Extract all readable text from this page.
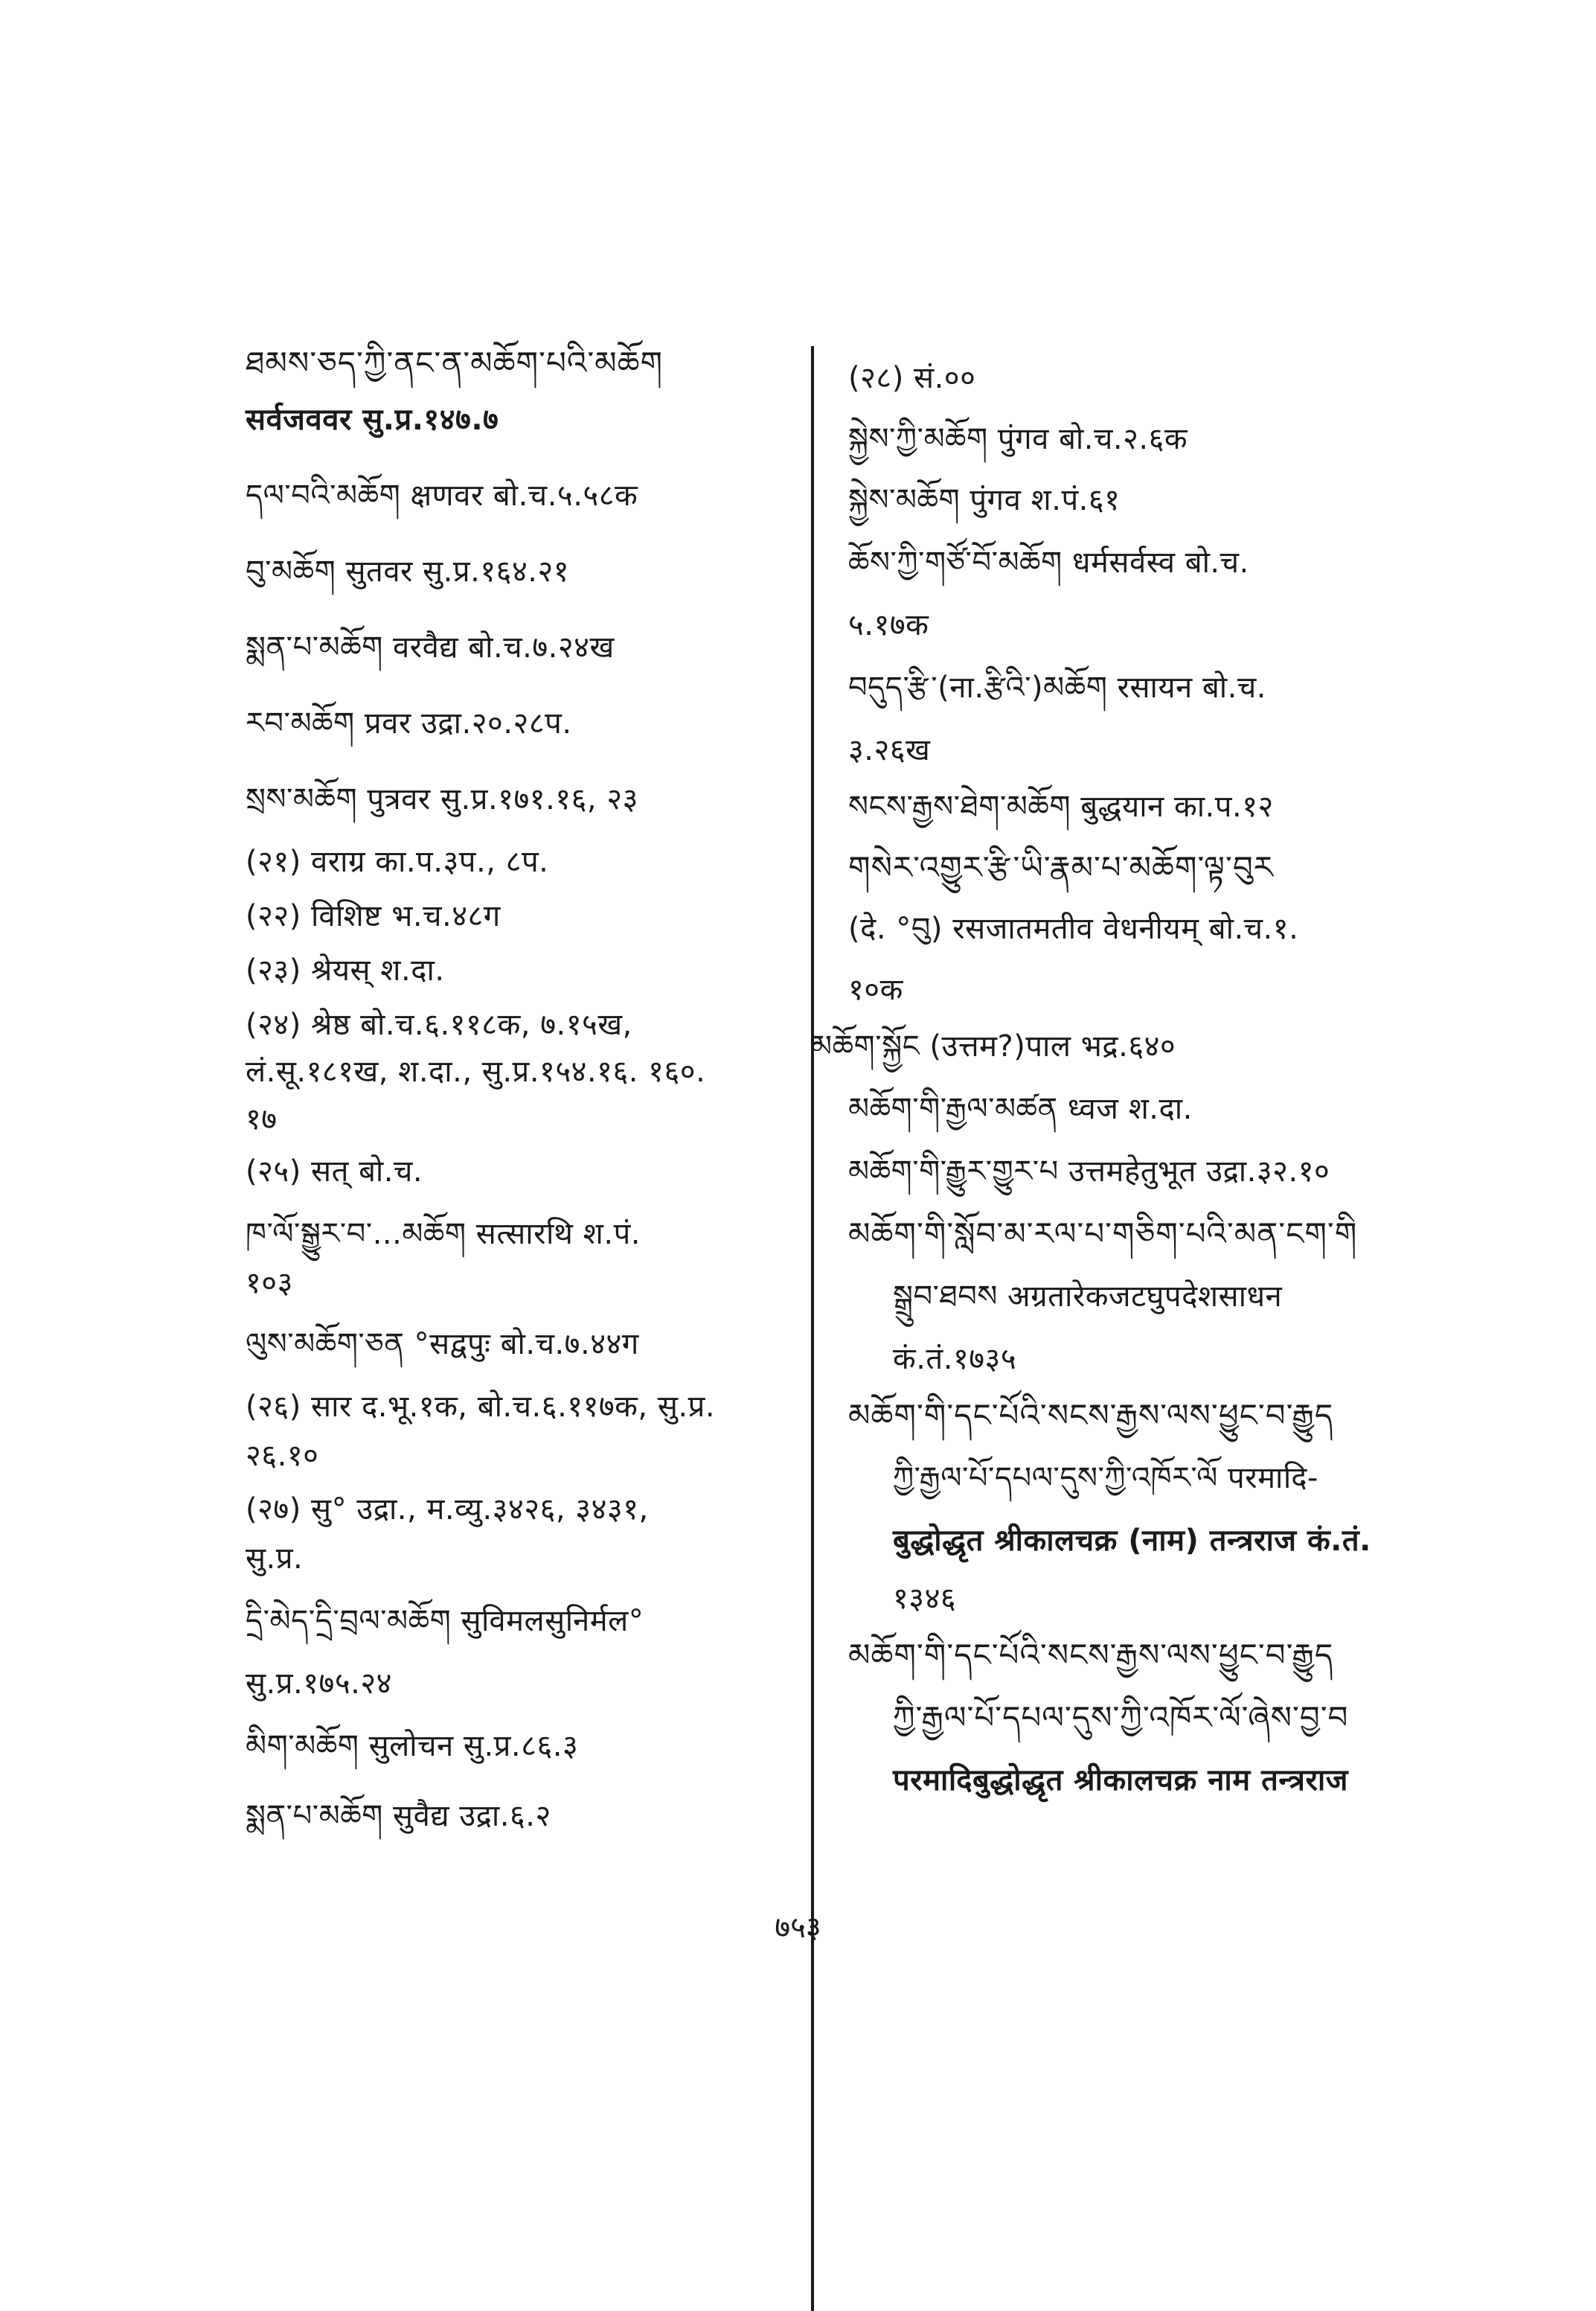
ཐམས་ཅད་ཀྱི་ནང་ན་མཆོག་པའི་མཆོག
सर्वजववर सु.प्र.१४७.७
དལ་བའི་མཆོག क्षणवर बो.च.५.५८क
བུ་མཆོག सुतवर सु.प्र.१६४.२१
སྨན་པ་མཆོག वरवैद्य बो.च.७.२४ख
རབ་མཆོག प्रवर उद्रा.२०.२८प.
སྲས་མཆོག पुत्रवर सु.प्र.१७१.१६, २३
(२१) वराग्र का.प.३प., ८प.
(२२) विशिष्ट भ.च.४८ग
(२३) श्रेयस् श.दा.
(२४) श्रेष्ठ बो.च.६.११८क, ७.१५ख,
लं.सू.१८१ख, श.दा., सु.प्र.१५४.१६. १६०.
१७
(२५) सत् बो.च.
ཁ་ལོ་སྒྱུར་བ་...མཆོག सत्सारथि श.पं.
१०३
ལུས་མཆོག་ཅན °सद्वपुः बो.च.७.४४ग
(२६) सार द.भू.१क, बो.च.६.११७क, सु.प्र.
२६.१०
(२७) सु° उद्रा., म.व्यु.३४२६, ३४३१,
सु.प्र.
དྲི་མེད་དྲི་བྲལ་མཆོག सुविमलसुनिर्मल°
सु.प्र.१७५.२४
མིག་མཆོག सुलोचन सु.प्र.८६.३
སྨན་པ་མཆོག सुवैद्य उद्रा.६.२
(२८) सं.००
སྐྱེས་ཀྱི་མཆོག पुंगव बो.च.२.६क
སྐྱེས་མཆོག पुंगव श.पं.६१
ཆོས་ཀྱི་གཙོ་བོ་མཆོག धर्मसर्वस्व बो.च.
५.१७क
བདུད་རྩི་(ना.རྩིའི་)མཆོག रसायन बो.च.
३.२६ख
སངས་རྒྱས་ཐེག་མཆོག बुद्धयान का.प.१२
གསེར་འགྱུར་རྩི་ཡི་རྣམ་པ་མཆོག་ལྟ་བུར
(दे. °བུ) रसजातमतीव वेधनीयम् बो.च.१.
१०क
མཆོག་སྐྱོང (उत्तम?)पाल भद्र.६४०
མཆོག་གི་རྒྱལ་མཚན ध्वज श.दा.
མཆོག་གི་རྒྱུར་གྱུར་པ उत्तमहेतुभूत उद्रा.३२.१०
མཆོག་གི་སློབ་མ་རལ་པ་གཅིག་པའི་མན་ངག་གི
སྒྲུབ་ཐབས अग्रतारेकजटघुपदेशसाधन
कं.तं.१७३५
མཆོག་གི་དང་པོའི་སངས་རྒྱས་ལས་ཕྱུང་བ་རྒྱུད
ཀྱི་རྒྱལ་པོ་དཔལ་དུས་ཀྱི་འཁོར་ལོ परमादि-
बुद्धोद्धृत श्रीकालचक्र (नाम) तन्त्रराज कं.तं.
१३४६
མཆོག་གི་དང་པོའི་སངས་རྒྱས་ལས་ཕྱུང་བ་རྒྱུད
ཀྱི་རྒྱལ་པོ་དཔལ་དུས་ཀྱི་འཁོར་ལོ་ཞེས་བྱ་བ
परमादिबुद्धोद्धृत श्रीकालचक्र नाम तन्त्रराज
७५३
